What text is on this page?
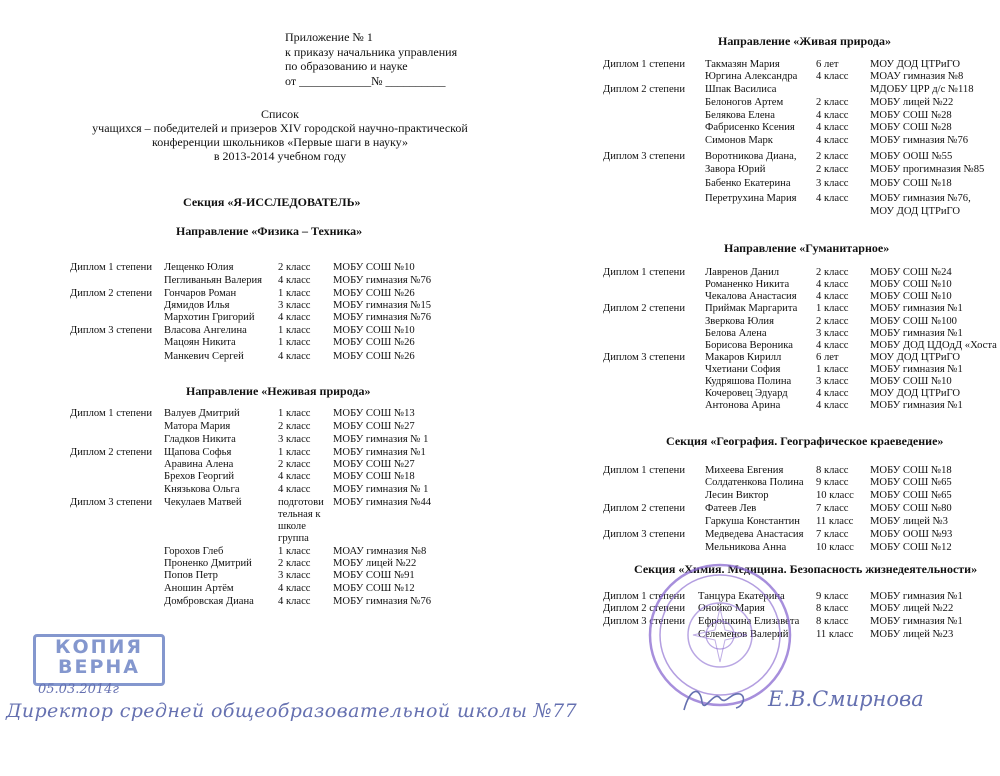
Приложение № 1
к приказу начальника управления
по образованию и науке
от ____________№ __________
Список
учащихся – победителей и призеров XIV городской научно-практической
конференции школьников «Первые шаги в науку»
в 2013-2014 учебном году
Секция «Я-ИССЛЕДОВАТЕЛЬ»
Направление «Физика – Техника»
Диплом 1 степени Лещенко Юлия	2 класс МОБУ СОШ №10
Пегливаньян Валерия 4 класс МОБУ гимназия №76
Диплом 2 степени Гончаров Роман	1 класс МОБУ СОШ №26
Дямидов Илья	3 класс МОБУ гимназия №15
Мархотин Григорий 4 класс МОБУ гимназия №76
Диплом 3 степени Власова Ангелина	1 класс МОБУ СОШ №10
Мацоян Никита	1 класс МОБУ СОШ №26
Манкевич Сергей	4 класс МОБУ СОШ №26
Направление «Неживая природа»
Диплом 1 степени Валуев Дмитрий	1 класс МОБУ СОШ №13
Матора Мария	2 класс МОБУ СОШ №27
Гладков Никита	3 класс МОБУ гимназия № 1
Диплом 2 степени Щапова Софья	1 класс МОБУ гимназия №1
Аравина Алена	2 класс МОБУ СОШ №27
Брехов Георгий	4 класс МОБУ СОШ №18
Князькова Ольга	4 класс МОБУ гимназия № 1
Диплом 3 степени Чекулаев Матвей	подготови
тельная к
школе
группа
МОБУ гимназия №44
Горохов Глеб	1 класс МОАУ гимназия №8
Проненко Дмитрий 2 класс МОБУ лицей №22
Попов Петр	3 класс МОБУ СОШ №91
Аношин Артём	4 класс МОБУ СОШ №12
Домбровская Диана 4 класс МОБУ гимназия №76
Направление «Живая природа»
Диплом 1 степени Такмазян Мария	6 лет	МОУ ДОД ЦТРиГО
Юргина Александра 4 класс МОАУ гимназия №8
Диплом 2 степени Шпак Василиса	МДОБУ ЦРР д/с №118
Белоногов Артем	2 класс МОБУ лицей №22
Белякова Елена	4 класс МОБУ СОШ №28
Фабрисенко Ксения 4 класс МОБУ СОШ №28
Симонов Марк	4 класс МОБУ гимназия №76
Диплом 3 степени Воротникова Диана, 2 класс МОБУ ООШ №55
Завора Юрий	2 класс МОБУ прогимназия №85
Бабенко Екатерина 3 класс МОБУ СОШ №18
Перетрухина Мария 4 класс МОБУ гимназия №76,
МОУ ДОД ЦТРиГО
Направление «Гуманитарное»
Диплом 1 степени Лавренов Данил	2 класс МОБУ СОШ №24
Романенко Никита	4 класс МОБУ СОШ №10
Чекалова Анастасия 4 класс МОБУ СОШ №10
Диплом 2 степени Приймак Маргарита 1 класс МОБУ гимназия №1
Зверкова Юлия	2 класс МОБУ СОШ №100
Белова Алена	3 класс МОБУ гимназия №1
Борисова Вероника 4 класс МОБУ ДОД ЦДОдД «Хоста
Диплом 3 степени Макаров Кирилл	6 лет	МОУ ДОД ЦТРиГО
Чхетиани София	1 класс МОБУ гимназия №1
Кудряшова Полина 3 класс МОБУ СОШ №10
Кочеровец Эдуард	4 класс МОУ ДОД ЦТРиГО
Антонова Арина	4 класс МОБУ гимназия №1
Секция «География. Географическое краеведение»
Диплом 1 степени Михеева Евгения	8 класс МОБУ СОШ №18
Солдатенкова Полина 9 класс МОБУ СОШ №65
Лесин Виктор	10 класс МОБУ СОШ №65
Диплом 2 степени Фатеев Лев	7 класс МОБУ СОШ №80
Гаркуша Константин 11 класс МОБУ лицей №3
Диплом 3 степени Медведева Анастасия 7 класс МОБУ ООШ №93
Мельникова Анна	10 класс МОБУ СОШ №12
Секция «Химия. Медицина. Безопасность жизнедеятельности»
Диплом 1 степени Танцура Екатерина	9 класс МОБУ гимназия №1
Диплом 2 степени Онойко Мария	8 класс МОБУ лицей №22
Диплом 3 степени Ефрошкина Елизавета 8 класс МОБУ гимназия №1
Селеменов Валерий	11 класс МОБУ лицей №23
КОПИЯ
ВЕРНА
05.03.2014г
Директор средней общеобразовательной школы №77	Е.В.Смирнова
